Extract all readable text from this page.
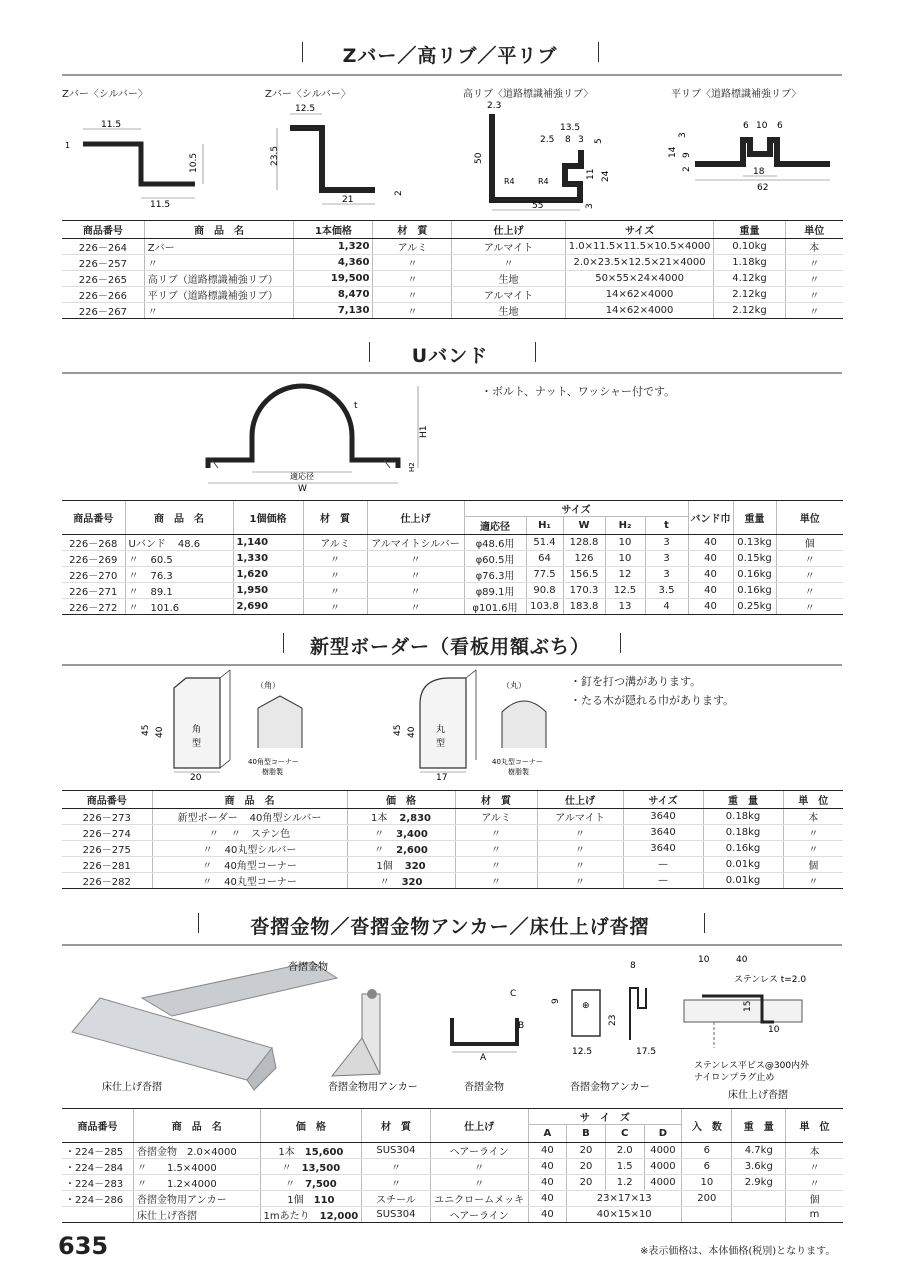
Zバー／高リブ／平リブ
Zバー〈シルバー〉	Zバー〈シルバー〉	高リブ〈道路標識補強リブ〉	平リブ〈道路標識補強リブ〉
11.5
10.5
11.5
1
12.5
23.5
21
2
2.3
50
55
13.5
2.5 8 3 5
11 24
3
R4	R4
6 10 6
3
14 9
2	18
62
商品番号	商　品　名	1本価格	材　質	仕上げ	サイズ	重量	単位
226－264	Zバー	1,320	アルミ	アルマイト	1.0×11.5×11.5×10.5×4000	0.10kg	本
226－257	〃	4,360	〃	〃	2.0×23.5×12.5×21×4000	1.18kg	〃
226－265	高リブ（道路標識補強リブ）	19,500	〃	生地	50×55×24×4000	4.12kg	〃
226－266	平リブ（道路標識補強リブ）	8,470	〃	アルマイト	14×62×4000	2.12kg	〃
226－267	〃	7,130	〃	生地	14×62×4000	2.12kg	〃
Uバンド
・ボルト、ナット、ワッシャー付です。
適応径
W
H1
H2
t
商品番号	商　品　名	1個価格	材　質	仕上げ	サイズ					バンド巾	重量	単位
					適応径	H₁	W	H₂	t			
226－268	Uバンド 48.6	1,140	アルミ	アルマイトシルバー	φ48.6用	51.4	128.8	10	3	40	0.13kg	個
226－269	〃 60.5	1,330	〃	〃	φ60.5用	64	126	10	3	40	0.15kg	〃
226－270	〃 76.3	1,620	〃	〃	φ76.3用	77.5	156.5	12	3	40	0.16kg	〃
226－271	〃 89.1	1,950	〃	〃	φ89.1用	90.8	170.3	12.5	3.5	40	0.16kg	〃
226－272	〃 101.6	2,690	〃	〃	φ101.6用	103.8	183.8	13	4	40	0.25kg	〃
新型ボーダー（看板用額ぶち）
・釘を打つ溝があります。
・たる木が隠れる巾があります。
角
型
45 40
20
（角）
40角型コーナー
樹脂製
丸
型
45 40
17
（丸）
40丸型コーナー
樹脂製
商品番号	商　品　名	価　格	材　質	仕上げ	サイズ	重　量	単　位
226－273	新型ボーダー 40角型シルバー	1本 2,830	アルミ	アルマイト	3640	0.18kg	本
226－274	〃 〃　ステン色	〃 3,400	〃	〃	3640	0.18kg	〃
226－275	〃 40丸型シルバー	〃 2,600	〃	〃	3640	0.16kg	〃
226－281	〃 40角型コーナー	1個 320	〃	〃	—	0.01kg	個
226－282	〃 40丸型コーナー	〃 320	〃	〃	—	0.01kg	〃
沓摺金物／沓摺金物アンカー／床仕上げ沓摺
沓摺金物
床仕上げ沓摺	沓摺金物用アンカー
C
B
A
沓摺金物
⊕
9
23
12.5
8
17.5
沓摺金物アンカー
10	40
ステンレス t=2.0
15
10
ステンレス平ビス@300内外
ナイロンプラグ止め
床仕上げ沓摺
商品番号	商　品　名	価　格	材　質	仕上げ	サ　イ　ズ				入　数	重　量	単　位
					A	B	C	D			
・224－285	沓摺金物　 2.0×4000	1本　 15,600	SUS304	ヘアーライン	40	20	2.0	4000	6	4.7kg	本
・224－284	〃　　 1.5×4000	〃　 13,500	〃	〃	40	20	1.5	4000	6	3.6kg	〃
・224－283	〃　　 1.2×4000	〃　 7,500	〃	〃	40	20	1.2	4000	10	2.9kg	〃
・224－286	沓摺金物用アンカー	1個　 110	スチール	ユニクロームメッキ	40	23×17×13			200		個
	床仕上げ沓摺	1mあたり　 12,000	SUS304	ヘアーライン	40	40×15×10					m
635	※表示価格は、本体価格(税別)となります。
